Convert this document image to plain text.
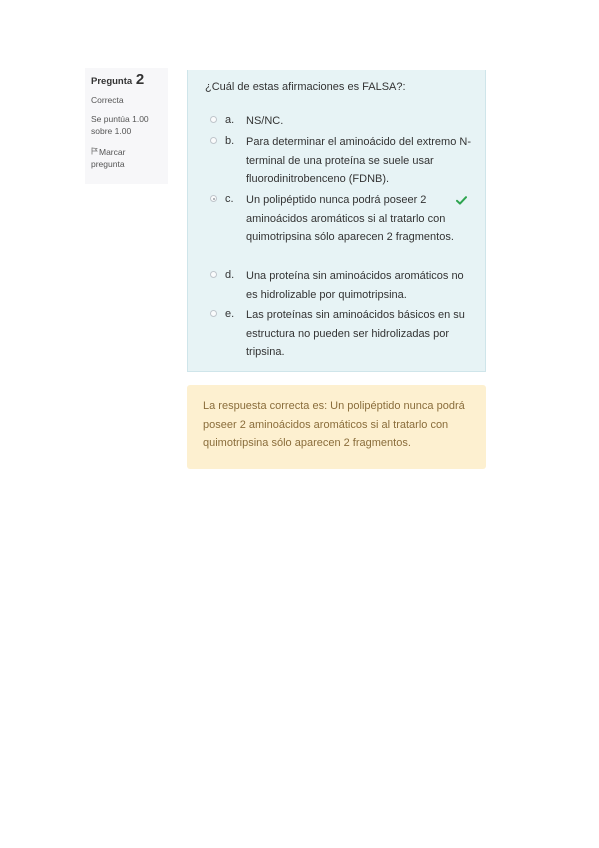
Pregunta 2
Correcta
Se puntúa 1.00 sobre 1.00
Marcar pregunta
¿Cuál de estas afirmaciones es FALSA?:
a. NS/NC.
b. Para determinar el aminoácido del extremo N-terminal de una proteína se suele usar fluorodinitrobenceno (FDNB).
c. Un polipéptido nunca podrá poseer 2 aminoácidos aromáticos si al tratarlo con quimotripsina sólo aparecen 2 fragmentos.
d. Una proteína sin aminoácidos aromáticos no es hidrolizable por quimotripsina.
e. Las proteínas sin aminoácidos básicos en su estructura no pueden ser hidrolizadas por tripsina.

La respuesta correcta es: Un polipéptido nunca podrá poseer 2 aminoácidos aromáticos si al tratarlo con quimotripsina sólo aparecen 2 fragmentos.
